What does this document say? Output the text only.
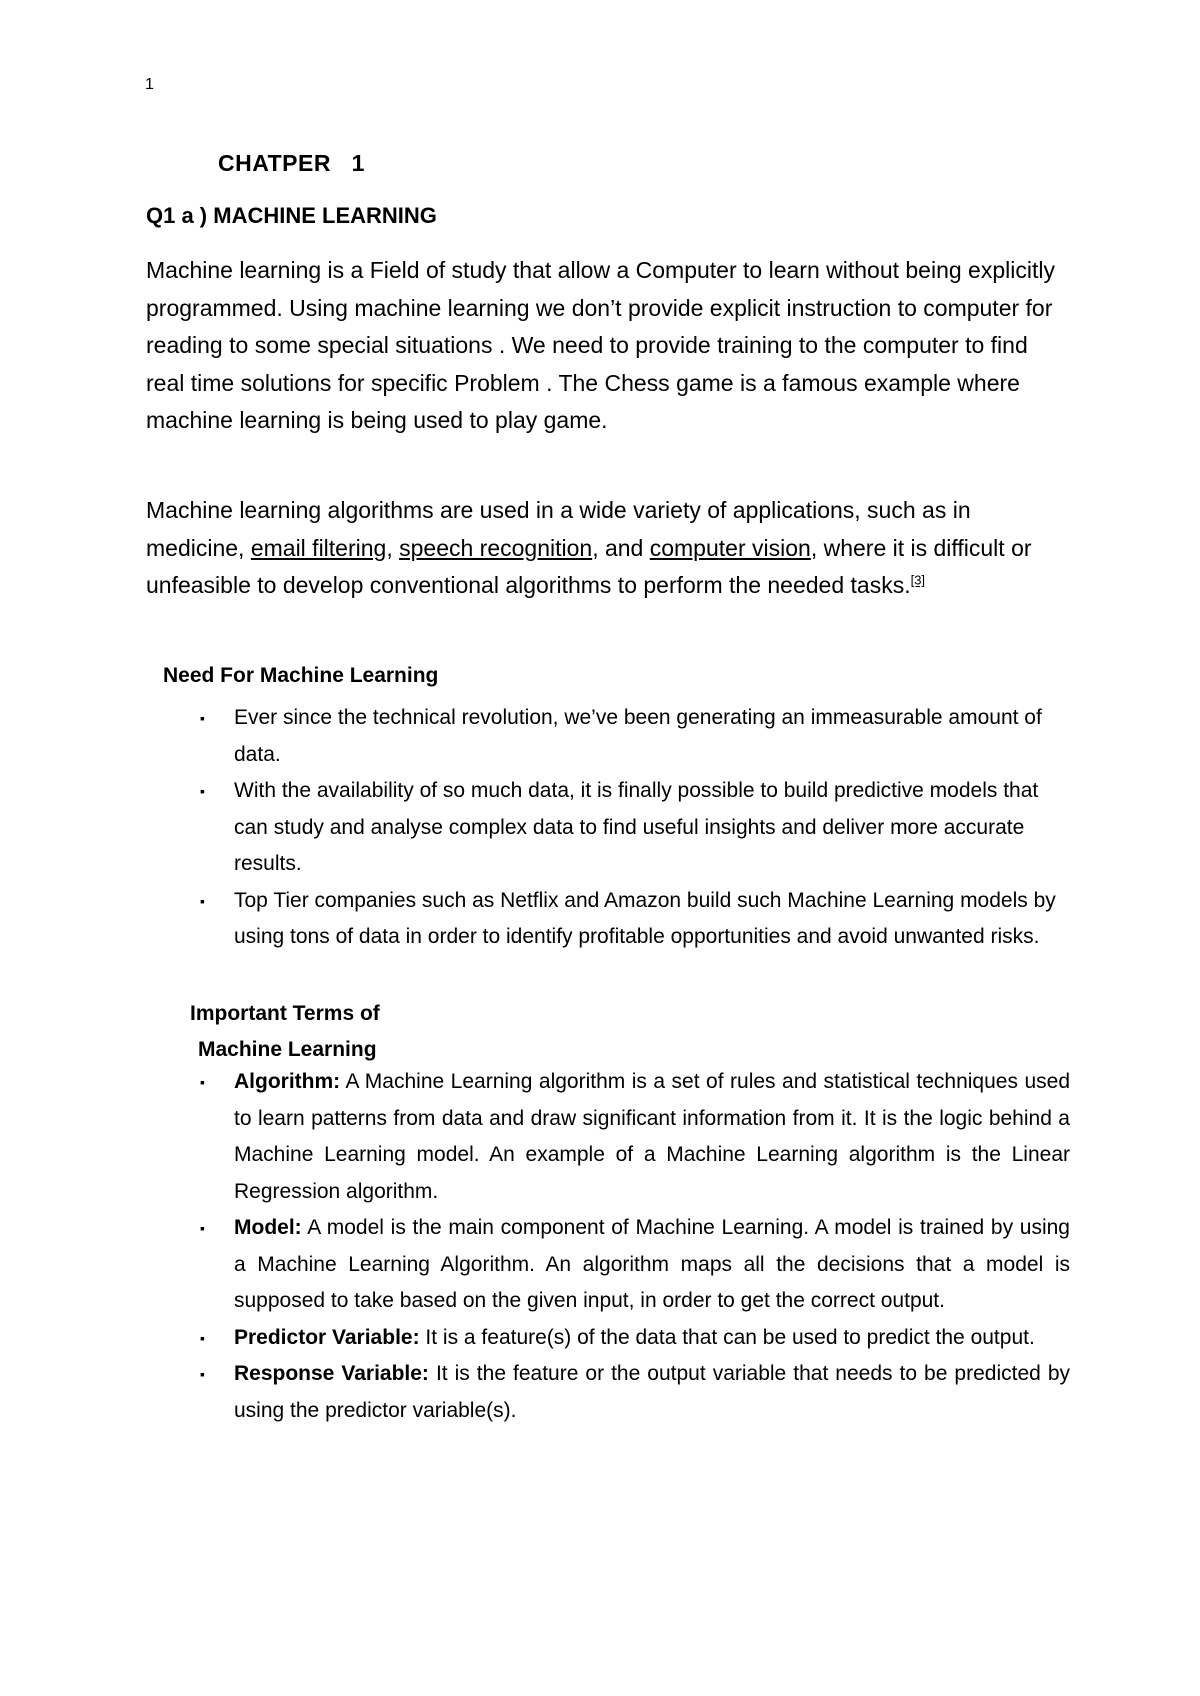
1
CHATPER   1
Q1 a ) MACHINE LEARNING

Machine learning is a Field of study that allow a Computer to learn without being explicitly programmed. Using machine learning we don’t provide explicit instruction to computer for reading to some special situations . We need to provide training to the computer to find real time solutions for specific Problem . The Chess game is a famous example where machine learning is being used to play game.

Machine learning algorithms are used in a wide variety of applications, such as in medicine, email filtering, speech recognition, and computer vision, where it is difficult or unfeasible to develop conventional algorithms to perform the needed tasks.[3]

Need For Machine Learning
▪ Ever since the technical revolution, we’ve been generating an immeasurable amount of data.
▪ With the availability of so much data, it is finally possible to build predictive models that can study and analyse complex data to find useful insights and deliver more accurate results.
▪ Top Tier companies such as Netflix and Amazon build such Machine Learning models by using tons of data in order to identify profitable opportunities and avoid unwanted risks.
Important Terms of
Machine Learning
▪ Algorithm: A Machine Learning algorithm is a set of rules and statistical techniques used to learn patterns from data and draw significant information from it. It is the logic behind a Machine Learning model. An example of a Machine Learning algorithm is the Linear Regression algorithm.
▪ Model: A model is the main component of Machine Learning. A model is trained by using a Machine Learning Algorithm. An algorithm maps all the decisions that a model is supposed to take based on the given input, in order to get the correct output.
▪ Predictor Variable: It is a feature(s) of the data that can be used to predict the output.
▪ Response Variable: It is the feature or the output variable that needs to be predicted by using the predictor variable(s).
